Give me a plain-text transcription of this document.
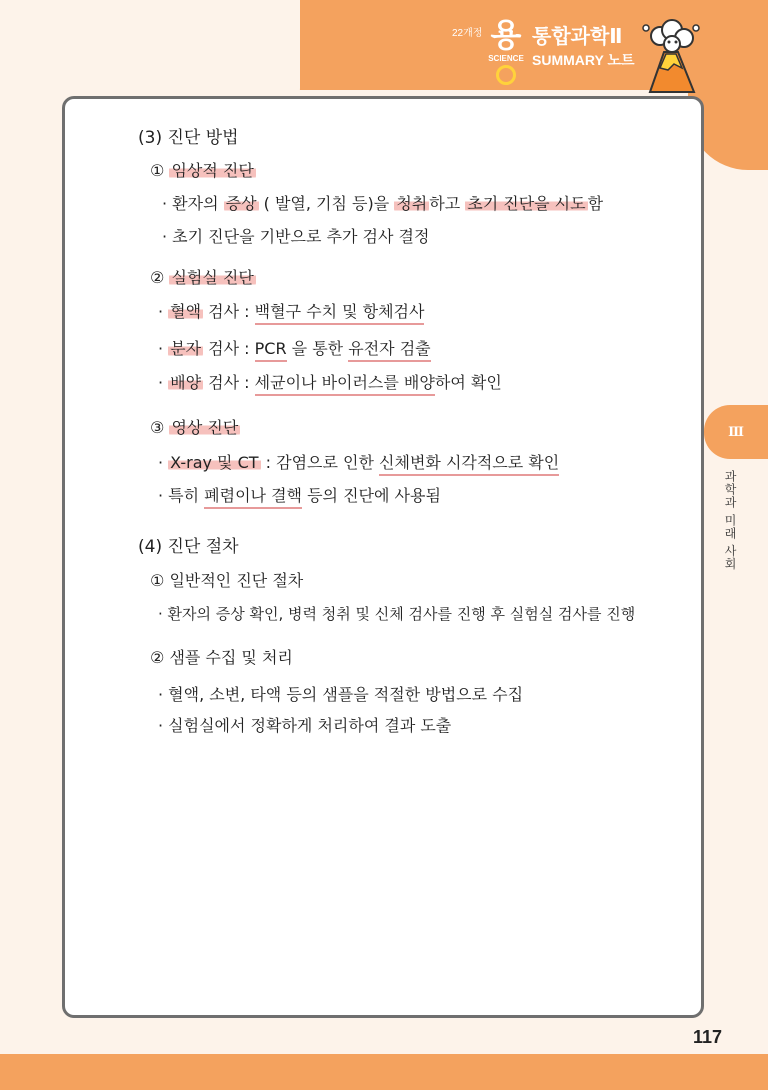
22개정 용
SCIENCE
통합과학Ⅱ
SUMMARY 노트
Ⅲ
과학과 미래 사회
(3) 진단 방법
① 임상적 진단
· 환자의 증상 ( 발열, 기침 등)을 청취 하고 초기 진단을 시도 함
· 초기 진단을 기반으로 추가 검사 결정
② 실험실 진단
· 혈액 검사 : 백혈구 수치 및 항체검사
· 분자 검사 : PCR 을 통한 유전자 검출
· 배양 검사 : 세균이나 바이러스를 배양하여 확인
③ 영상 진단
· X-ray 및 CT : 감염으로 인한 신체변화 시각적으로 확인
· 특히 폐렴이나 결핵 등의 진단에 사용됨
(4) 진단 절차
① 일반적인 진단 절차
· 환자의 증상 확인, 병력 청취 및 신체 검사를 진행 후 실험실 검사를 진행
② 샘플 수집 및 처리
· 혈액, 소변, 타액 등의 샘플을 적절한 방법으로 수집
· 실험실에서 정확하게 처리하여 결과 도출
117
